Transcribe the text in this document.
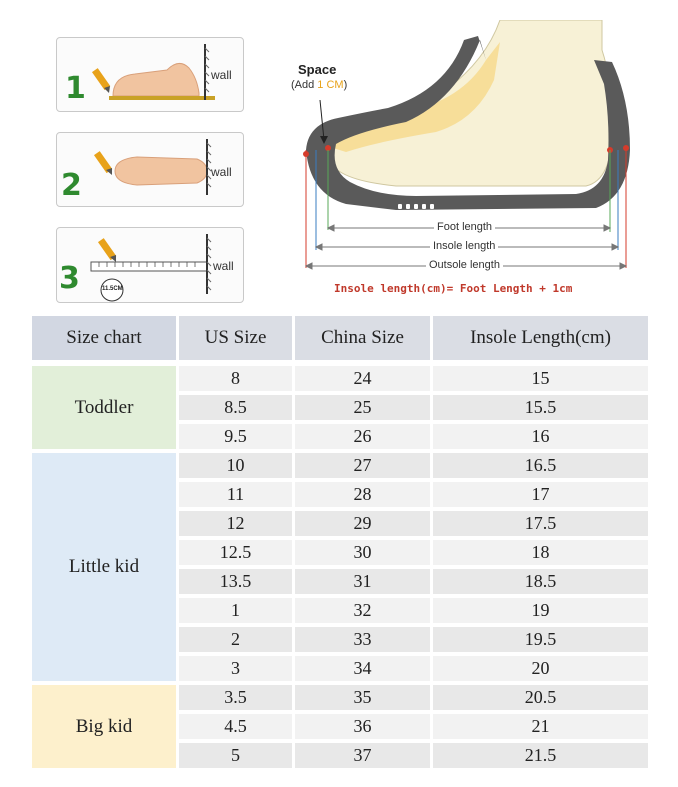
1	wall
2	wall
3	11.5CM
wall
Space
(Add 1 CM)
Foot length
Insole length
Outsole length
Insole length(cm)= Foot Length + 1cm
Size chart	US Size	China Size	Insole Length(cm)
Toddler	8	24	15
	8.5	25	15.5
	9.5	26	16
Little kid	10	27	16.5
	11	28	17
	12	29	17.5
	12.5	30	18
	13.5	31	18.5
	1	32	19
	2	33	19.5
	3	34	20
Big kid	3.5	35	20.5
	4.5	36	21
	5	37	21.5
